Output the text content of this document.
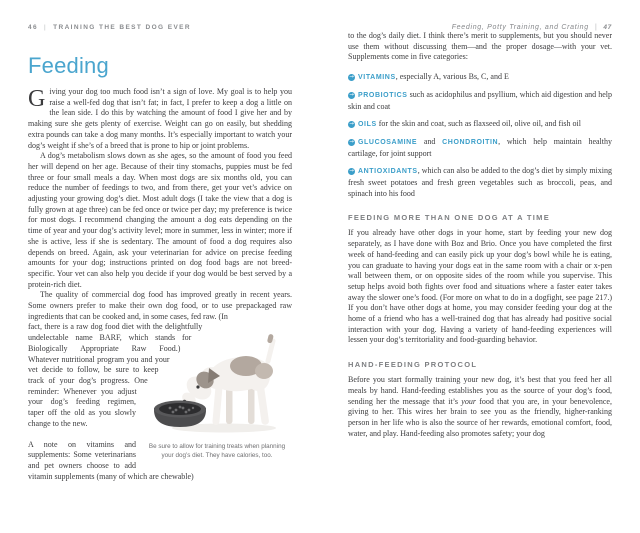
46 | TRAINING THE BEST DOG EVER
Feeding

Giving your dog too much food isn’t a sign of love. My goal is to help you raise a well-fed dog that isn’t fat; in fact, I prefer to keep a dog a little on the lean side. I do this by watching the amount of food I give her and by making sure she gets plenty of exercise. Weight can go on easily, but shedding extra pounds can take a dog many months. It’s especially important to watch your dog’s weight if she’s of a breed that is prone to hip or joint problems.

A dog’s metabolism slows down as she ages, so the amount of food you feed her will depend on her age. Because of their tiny stomachs, puppies must be fed three or four small meals a day. When most dogs are six months old, you can reduce the number of feedings to two, and from there, get your vet’s advice on adjusting your growing dog’s diet. Most adult dogs (I take the view that a dog is fully grown at age three) can be fed once or twice per day; my preference is twice for most dogs. I recommend changing the amount a dog eats depending on the time of year and your dog’s activity level; more in summer, less in winter; more if she is active, less if she is sedentary. The amount of food a dog requires also depends on breed. Again, ask your veterinarian for advice on precise feeding amounts for your dog; instructions printed on dog food bags are not breed-specific. Your vet can also help you decide if your dog would be best served by a protein-rich diet.

The quality of commercial dog food has improved greatly in recent years. Some owners prefer to make their own dog food, or to use prepackaged raw ingredients that can be cooked and, in some cases, fed raw. (In

Be sure to allow for training treats when planning your dog’s diet. They have calories, too.

fact, there is a raw dog food diet with the delightfully undelectable name BARF, which stands for Biologically Appropriate Raw Food.) Whatever nutritional program you and your vet decide to follow, be sure to keep track of your dog’s progress. One reminder: Whenever you adjust your dog’s feeding regimen, taper off the old as you slowly change to the new.

A note on vitamins and supplements: Some veterinarians and pet owners choose to add vitamin supplements (many of which are chewable)

Feeding, Potty Training, and Crating | 47

to the dog’s daily diet. I think there’s merit to supplements, but you should never use them without discussing them—and the proper dosage—with your vet. Supplements come in five categories:

→ VITAMINS, especially A, various Bs, C, and E

→ PROBIOTICS such as acidophilus and psyllium, which aid digestion and help skin and coat

→ OILS for the skin and coat, such as flaxseed oil, olive oil, and fish oil

→ GLUCOSAMINE and CHONDROITIN, which help maintain healthy cartilage, for joint support

→ ANTIOXIDANTS, which can also be added to the dog’s diet by simply mixing fresh sweet potatoes and fresh green vegetables such as broccoli, peas, and spinach into his food

FEEDING MORE THAN ONE DOG AT A TIME

If you already have other dogs in your home, start by feeding your new dog separately, as I have done with Boz and Brio. Once you have completed the first week of hand-feeding and can easily pick up your dog’s bowl while he is eating, you can graduate to having your dogs eat in the same room with a chair or x-pen wall between them, or on opposite sides of the room while you supervise. This setup helps avoid both fights over food and situations where a faster eater takes away the slower one’s food. (For more on what to do in a dogfight, see page 217.) If you don’t have other dogs at home, you may consider feeding your dog at the home of a friend who has a well-trained dog that has already had positive social interaction with your dog. Having a variety of hand-feeding experiences will lessen your dog’s territoriality and food-guarding behavior.

HAND-FEEDING PROTOCOL

Before you start formally training your new dog, it’s best that you feed her all meals by hand. Hand-feeding establishes you as the source of your dog’s food, sending her the message that it’s your food that you are, in your benevolence, giving to her. This wires her brain to see you as the friendly, higher-ranking person in her life who is also the source of her rewards, emotional comfort, food, water, and play. Hand-feeding also promotes safety; your dog
